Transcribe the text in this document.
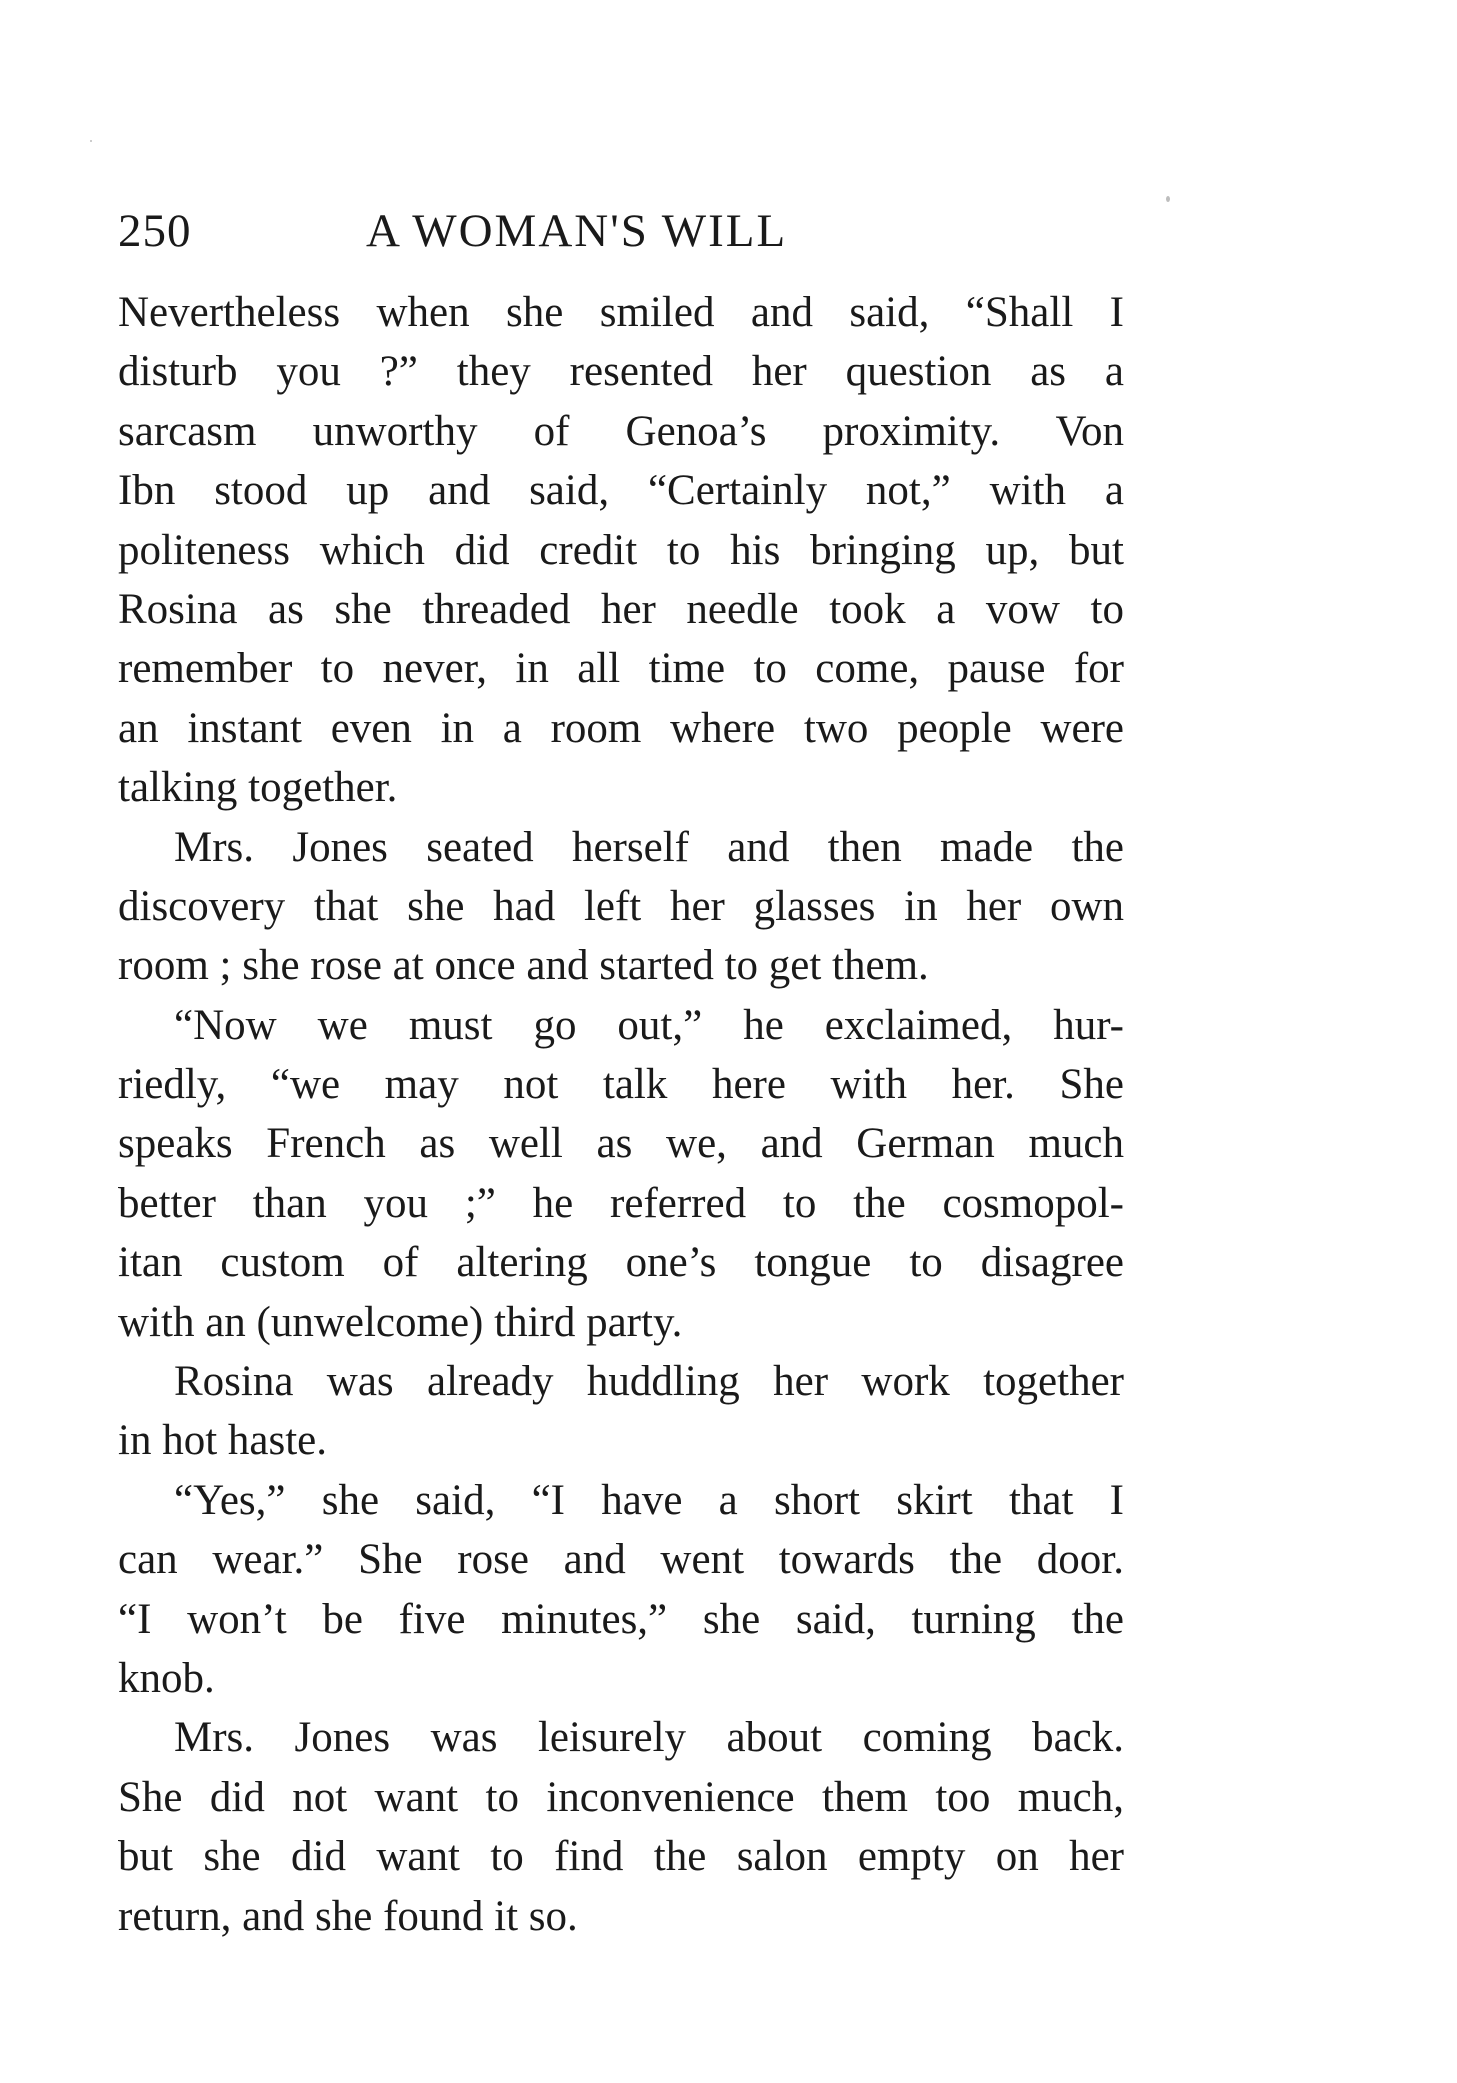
250	A WOMAN'S WILL
Nevertheless when she smiled and said, “Shall I
disturb you ?” they resented her question as a
sarcasm unworthy of Genoa’s proximity. Von
Ibn stood up and said, “Certainly not,” with a
politeness which did credit to his bringing up, but
Rosina as she threaded her needle took a vow to
remember to never, in all time to come, pause for
an instant even in a room where two people were
talking together.
Mrs. Jones seated herself and then made the
discovery that she had left her glasses in her own
room ; she rose at once and started to get them.
“Now we must go out,” he exclaimed, hur-
riedly, “we may not talk here with her. She
speaks French as well as we, and German much
better than you ;” he referred to the cosmopol-
itan custom of altering one’s tongue to disagree
with an (unwelcome) third party.
Rosina was already huddling her work together
in hot haste.
“Yes,” she said, “I have a short skirt that I
can wear.” She rose and went towards the door.
“I won’t be five minutes,” she said, turning the
knob.
Mrs. Jones was leisurely about coming back.
She did not want to inconvenience them too much,
but she did want to find the salon empty on her
return, and she found it so.
